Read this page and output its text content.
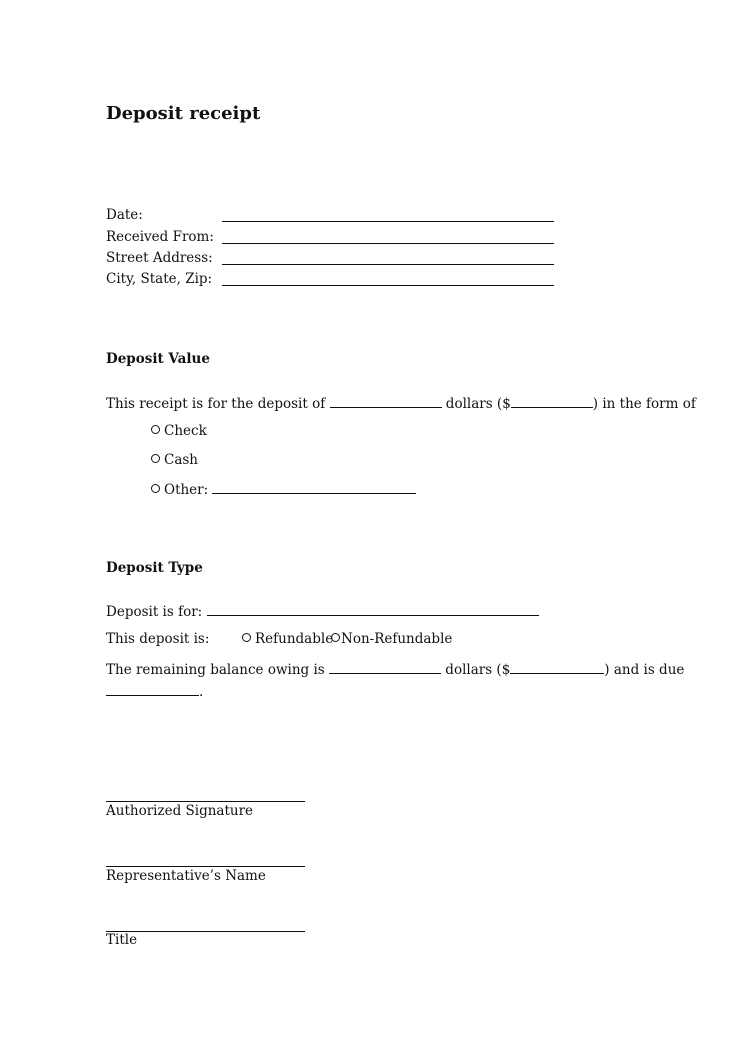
Deposit receipt
Date:
Received From:
Street Address:
City, State, Zip:
Deposit Value
This receipt is for the deposit of	dollars ($	) in the form of
Check
Cash
Other:
Deposit Type
Deposit is for:
This deposit is:	Refundable Non-Refundable
The remaining balance owing is	dollars ($	) and is due
.
Authorized Signature
Representative’s Name
Title
